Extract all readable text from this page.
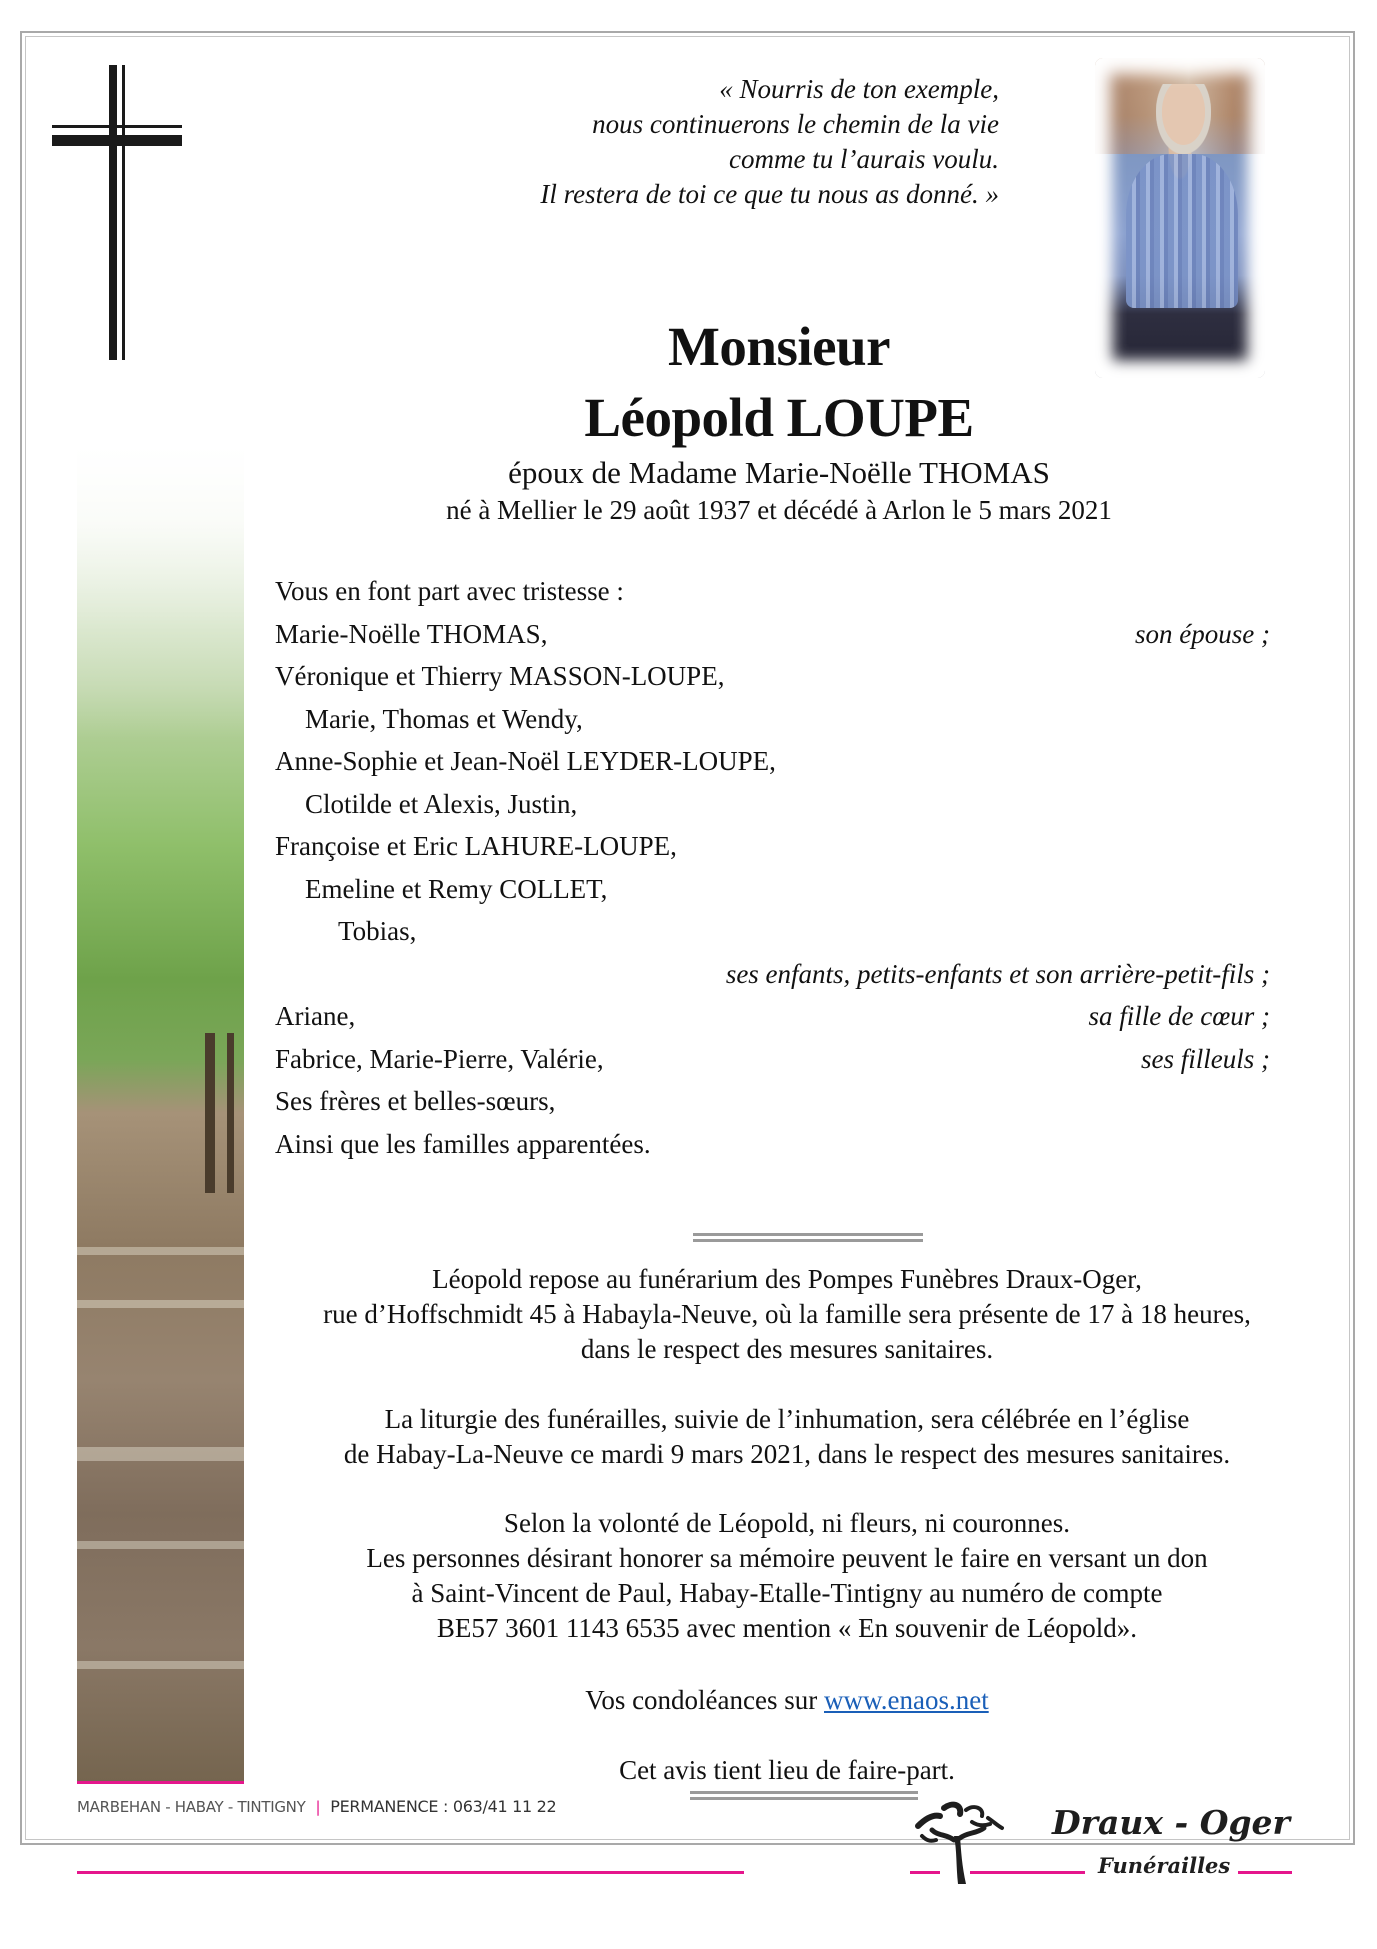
« Nourris de ton exemple,
nous continuerons le chemin de la vie
comme tu l’aurais voulu.
Il restera de toi ce que tu nous as donné. »
Monsieur
Léopold LOUPE
époux de Madame Marie-Noëlle THOMAS
né à Mellier le 29 août 1937 et décédé à Arlon le 5 mars 2021
Vous en font part avec tristesse :
Marie-Noëlle THOMAS,	son épouse ;
Véronique et Thierry MASSON-LOUPE,
Marie, Thomas et Wendy,
Anne-Sophie et Jean-Noël LEYDER-LOUPE,
Clotilde et Alexis, Justin,
Françoise et Eric LAHURE-LOUPE,
Emeline et Remy COLLET,
Tobias,
ses enfants, petits-enfants et son arrière-petit-fils ;
Ariane,	sa fille de cœur ;
Fabrice, Marie-Pierre, Valérie,	ses filleuls ;
Ses frères et belles-sœurs,
Ainsi que les familles apparentées.
Léopold repose au funérarium des Pompes Funèbres Draux-Oger,
rue d’Hoffschmidt 45 à Habayla-Neuve, où la famille sera présente de 17 à 18 heures,
dans le respect des mesures sanitaires.
La liturgie des funérailles, suivie de l’inhumation, sera célébrée en l’église
de Habay-La-Neuve ce mardi 9 mars 2021, dans le respect des mesures sanitaires.
Selon la volonté de Léopold, ni fleurs, ni couronnes.
Les personnes désirant honorer sa mémoire peuvent le faire en versant un don
à Saint-Vincent de Paul, Habay-Etalle-Tintigny au numéro de compte
BE57 3601 1143 6535 avec mention « En souvenir de Léopold».
Vos condoléances sur www.enaos.net
Cet avis tient lieu de faire-part.
MARBEHAN - HABAY - TINTIGNY | PERMANENCE : 063/41 11 22	Draux - Oger
Funérailles
